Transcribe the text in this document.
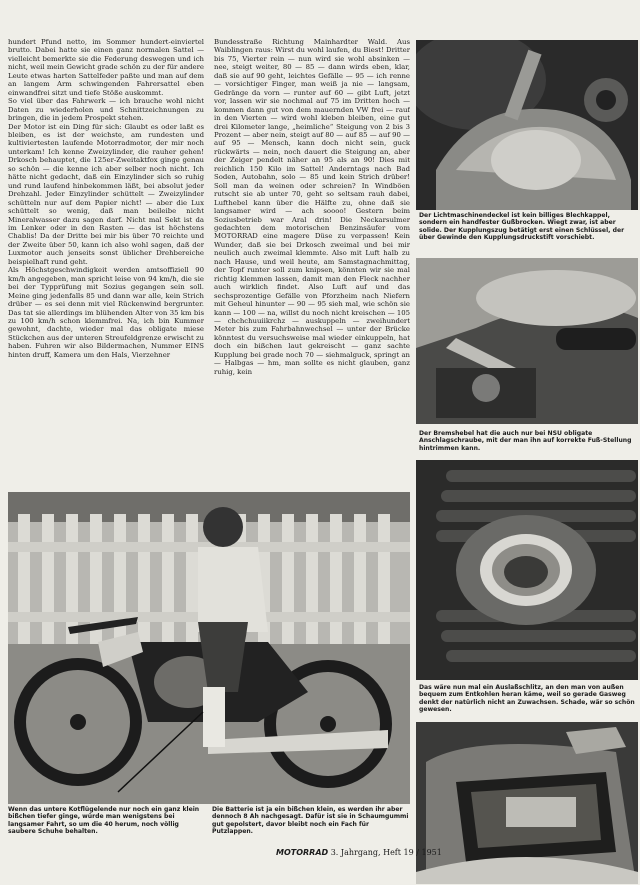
hundert Pfund netto, im Sommer hundert-einviertel brutto. Dabei hatte sie einen ganz normalen Sattel — vielleicht bemerkte sie die Federung deswegen und ich nicht, weil mein Gewicht grade schön zu der für andere Leute etwas harten Sattelfeder paßte und man auf dem an langem Arm schwingenden Fahrersattel eben einwandfrei sitzt und tiefe Stöße auskommt.

So viel über das Fahrwerk — ich brauche wohl nicht Daten zu wiederholen und Schnittzeichnungen zu bringen, die in jedem Prospekt stehen.

Der Motor ist ein Ding für sich: Glaubt es oder laßt es bleiben, es ist der weichste, am rundesten und kultiviertesten laufende Motorradmotor, der mir noch unterkam! Ich kenne Zweizylinder, die rauher gehen! Drkosch behauptet, die 125er-Zweitaktfox ginge genau so schön — die kenne ich aber selber noch nicht. Ich hätte nicht gedacht, daß ein Einzylinder sich so ruhig und rund laufend hinbekommen läßt, bei absolut jeder Drehzahl. Jeder Einzylinder schüttelt — Zweizylinder schütteln nur auf dem Papier nicht! — aber die Lux schüttelt so wenig, daß man beileibe nicht Mineralwasser dazu sagen darf. Nicht mal Sekt ist da im Lenker oder in den Rasten — das ist höchstens Chablis! Da der Dritte bei mir bis über 70 reichte und der Zweite über 50, kann ich also wohl sagen, daß der Luxmotor auch jenseits sonst üblicher Drehbereiche beispielhaft rund geht.

Als Höchstgeschwindigkeit werden amtsoffiziell 90 km/h angegeben, man spricht leise von 94 km/h, die sie bei der Typprüfung mit Sozius gegangen sein soll. Meine ging jedenfalls 85 und dann war alle, kein Strich drüber — es sei denn mit viel Rückenwind bergrunter. Das tat sie allerdings im blühenden Alter von 35 km bis zu 100 km/h schon klemmfrei. Na, ich bin Kummer gewohnt, dachte, wieder mal das obligate miese Stückchen aus der unteren Streufeldgrenze erwischt zu haben. Fuhren wir also Bildermachen, Nummer EINS hinten druff, Kamera um den Hals, Vierzehner

Bundesstraße Richtung Mainhardter Wald. Aus Waiblingen raus: Wirst du wohl laufen, du Biest! Dritter bis 75, Vierter rein — nun wird sie wohl absinken — nee, steigt weiter, 80 — 85 — dann wirds eben, klar, daß sie auf 90 geht, leichtes Gefälle — 95 — ich renne — vorsichtiger Finger, man weiß ja nie — langsam, Gedränge da vorn — runter auf 60 — gibt Luft, jetzt vor, lassen wir sie nochmal auf 75 im Dritten hoch — kommen dann gut von dem mauernden VW frei — rauf in den Vierten — wird wohl kleben bleiben, eine gut drei Kilometer lange, „heimliche“ Steigung von 2 bis 3 Prozent — aber nein, steigt auf 80 — auf 85 — auf 90 — auf 95 — Mensch, kann doch nicht sein, guck rückwärts — nein, noch dauert die Steigung an, aber der Zeiger pendelt näher an 95 als an 90! Dies mit reichlich 150 Kilo im Sattel! Anderntags nach Bad Soden, Autobahn, solo — 85 und kein Strich drüber! Soll man da weinen oder schreien? In Windböen rutscht sie ab unter 70, geht so seltsam rauh dabei, Lufthebel kann über die Hälfte zu, ohne daß sie langsamer wird — ach soooo! Gestern beim Soziusbetrieb war Aral drin! Die Neckarsulmer gedachten dem motorischen Benzinsäufer vom MOTORRAD eine magere Düse zu verpassen! Kein Wunder, daß sie bei Drkosch zweimal und bei mir neulich auch zweimal klemmte. Also mit Luft halb zu nach Hause, und weil heute, am Samstagnachmittag, der Topf runter soll zum knipsen, könnten wir sie mal richtig klemmen lassen, damit man den Fleck nachher auch wirklich findet. Also Luft auf und das sechsprozentige Gefälle von Pforzheim nach Niefern mit Geheul hinunter — 90 — 95 sieh mal, wie schön sie kann — 100 — na, willst du noch nicht kreischen — 105 — chchchuuiikrchz — auskuppeln — zweihundert Meter bis zum Fahrbahnwechsel — unter der Brücke könntest du versuchsweise mal wieder einkuppeln, hat doch ein bißchen laut gekreischt — ganz sachte Kupplung bei grade noch 70 — siehmalguck, springt an — Halbgas — hm, man sollte es nicht glauben, ganz ruhig, kein

Der Lichtmaschinendeckel ist kein billiges Blechkappel, sondern ein handfester Gußbrocken. Wiegt zwar, ist aber solide. Der Kupplungszug betätigt erst einen Schlüssel, der über Gewinde den Kupplungsdruckstift vorschiebt.

Der Bremshebel hat die auch nur bei NSU obligate Anschlagschraube, mit der man ihn auf korrekte Fuß-Stellung hintrimmen kann.

Das wäre nun mal ein Auslaßschlitz, an den man von außen bequem zum Entkohlen heran käme, weil so gerade Gasweg denkt der natürlich nicht an Zuwachsen. Schade, wär so schön gewesen.

Wenn das untere Kotflügelende nur noch ein ganz klein bißchen tiefer ginge, würde man wenigstens bei langsamer Fahrt, so um die 40 herum, noch völlig saubere Schuhe behalten.

Die Batterie ist ja ein bißchen klein, es werden ihr aber dennoch 8 Ah nachgesagt. Dafür ist sie in Schaumgummi gut gepolstert, davor bleibt noch ein Fach für Putzlappen.

MOTORRAD 3. Jahrgang, Heft 19 / 1951
